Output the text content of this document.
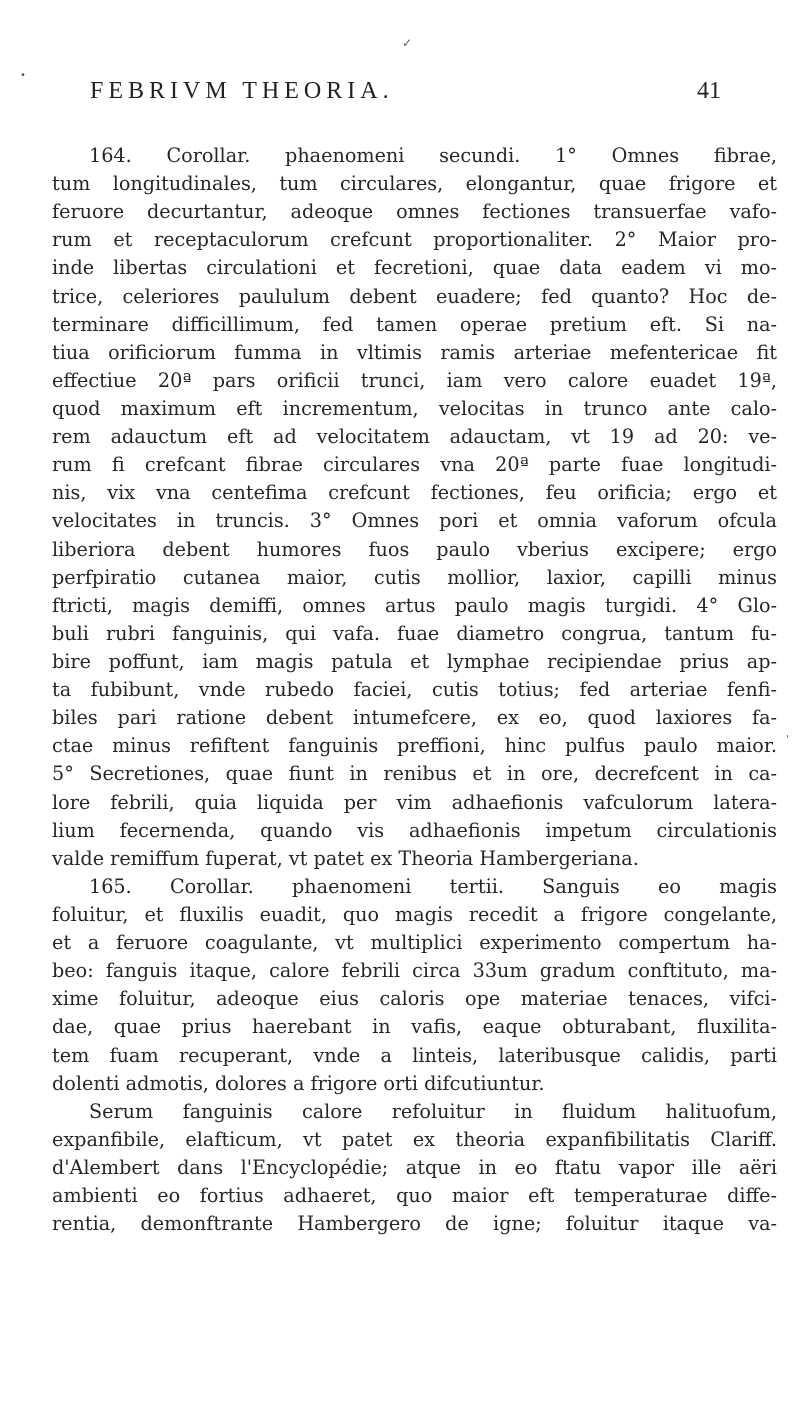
✓
•
'
FEBRIVM THEORIA.	41
164. Corollar. phaenomeni secundi. 1° Omnes fibrae,
tum longitudinales, tum circulares, elongantur, quae frigore et
feruore decurtantur, adeoque omnes fectiones transuerfae vafo-
rum et receptaculorum crefcunt proportionaliter. 2° Maior pro-
inde libertas circulationi et fecretioni, quae data eadem vi mo-
trice, celeriores paululum debent euadere; fed quanto? Hoc de-
terminare difficillimum, fed tamen operae pretium eft. Si na-
tiua orificiorum fumma in vltimis ramis arteriae mefentericae fit
effectiue 20ª pars orificii trunci, iam vero calore euadet 19ª,
quod maximum eft incrementum, velocitas in trunco ante calo-
rem adauctum eft ad velocitatem adauctam, vt 19 ad 20: ve-
rum fi crefcant fibrae circulares vna 20ª parte fuae longitudi-
nis, vix vna centefima crefcunt fectiones, feu orificia; ergo et
velocitates in truncis. 3° Omnes pori et omnia vaforum ofcula
liberiora debent humores fuos paulo vberius excipere; ergo
perfpiratio cutanea maior, cutis mollior, laxior, capilli minus
ftricti, magis demiffi, omnes artus paulo magis turgidi. 4° Glo-
buli rubri fanguinis, qui vafa. fuae diametro congrua, tantum fu-
bire poffunt, iam magis patula et lymphae recipiendae prius ap-
ta fubibunt, vnde rubedo faciei, cutis totius; fed arteriae fenfi-
biles pari ratione debent intumefcere, ex eo, quod laxiores fa-
ctae minus refiftent fanguinis preffioni, hinc pulfus paulo maior.
5° Secretiones, quae fiunt in renibus et in ore, decrefcent in ca-
lore febrili, quia liquida per vim adhaefionis vafculorum latera-
lium fecernenda, quando vis adhaefionis impetum circulationis
valde remiffum fuperat, vt patet ex Theoria Hambergeriana.
165. Corollar. phaenomeni tertii. Sanguis eo magis
foluitur, et fluxilis euadit, quo magis recedit a frigore congelante,
et a feruore coagulante, vt multiplici experimento compertum ha-
beo: fanguis itaque, calore febrili circa 33um gradum conftituto, ma-
xime foluitur, adeoque eius caloris ope materiae tenaces, vifci-
dae, quae prius haerebant in vafis, eaque obturabant, fluxilita-
tem fuam recuperant, vnde a linteis, lateribusque calidis, parti
dolenti admotis, dolores a frigore orti difcutiuntur.
Serum fanguinis calore refoluitur in fluidum halituofum,
expanfibile, elafticum, vt patet ex theoria expanfibilitatis Clariff.
d'Alembert dans l'Encyclopédie; atque in eo ftatu vapor ille aëri
ambienti eo fortius adhaeret, quo maior eft temperaturae diffe-
rentia, demonftrante Hambergero de igne; foluitur itaque va-
